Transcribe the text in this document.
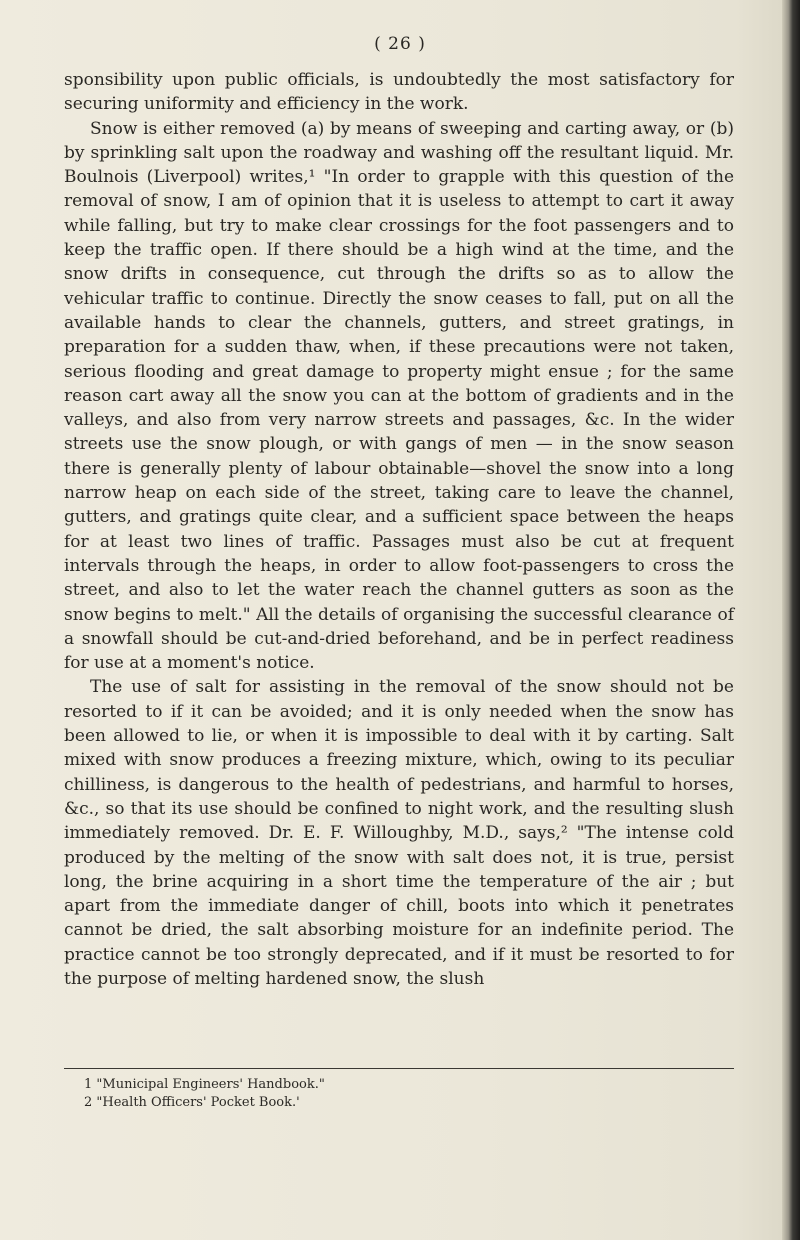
( 26 )

sponsibility upon public officials, is undoubtedly the most satisfactory for securing uniformity and efficiency in the work.

Snow is either removed (a) by means of sweeping and carting away, or (b) by sprinkling salt upon the roadway and washing off the resultant liquid. Mr. Boulnois (Liverpool) writes,¹ "In order to grapple with this question of the removal of snow, I am of opinion that it is useless to attempt to cart it away while falling, but try to make clear crossings for the foot passengers and to keep the traffic open. If there should be a high wind at the time, and the snow drifts in consequence, cut through the drifts so as to allow the vehicular traffic to continue. Directly the snow ceases to fall, put on all the available hands to clear the channels, gutters, and street gratings, in preparation for a sudden thaw, when, if these precautions were not taken, serious flooding and great damage to property might ensue ; for the same reason cart away all the snow you can at the bottom of gradients and in the valleys, and also from very narrow streets and passages, &c. In the wider streets use the snow plough, or with gangs of men — in the snow season there is generally plenty of labour obtainable—shovel the snow into a long narrow heap on each side of the street, taking care to leave the channel, gutters, and gratings quite clear, and a sufficient space between the heaps for at least two lines of traffic. Passages must also be cut at frequent intervals through the heaps, in order to allow foot-passengers to cross the street, and also to let the water reach the channel gutters as soon as the snow begins to melt." All the details of organising the successful clearance of a snowfall should be cut-and-dried beforehand, and be in perfect readiness for use at a moment's notice.

The use of salt for assisting in the removal of the snow should not be resorted to if it can be avoided; and it is only needed when the snow has been allowed to lie, or when it is impossible to deal with it by carting. Salt mixed with snow produces a freezing mixture, which, owing to its peculiar chilliness, is dangerous to the health of pedestrians, and harmful to horses, &c., so that its use should be confined to night work, and the resulting slush immediately removed. Dr. E. F. Willoughby, M.D., says,² "The intense cold produced by the melting of the snow with salt does not, it is true, persist long, the brine acquiring in a short time the temperature of the air ; but apart from the immediate danger of chill, boots into which it penetrates cannot be dried, the salt absorbing moisture for an indefinite period. The practice cannot be too strongly deprecated, and if it must be resorted to for the purpose of melting hardened snow, the slush

1 "Municipal Engineers' Handbook."
2 "Health Officers' Pocket Book.'
